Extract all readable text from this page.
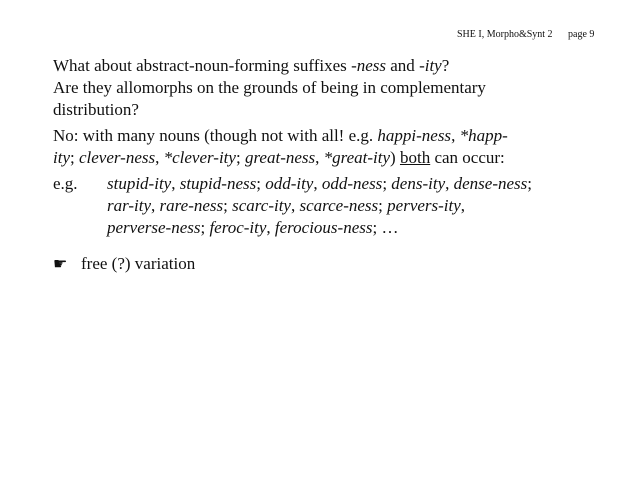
SHE I, Morpho&Synt 2 page 9

What about abstract-noun-forming suffixes -ness and -ity?
Are they allomorphs on the grounds of being in complementary
distribution?

No: with many nouns (though not with all! e.g. happi-ness, *happ-
ity; clever-ness, *clever-ity; great-ness, *great-ity) both can occur:

e.g.	stupid-ity, stupid-ness; odd-ity, odd-ness; dens-ity, dense-ness;
rar-ity, rare-ness; scarc-ity, scarce-ness; pervers-ity,
perverse-ness; feroc-ity, ferocious-ness; …

☛ free (?) variation
